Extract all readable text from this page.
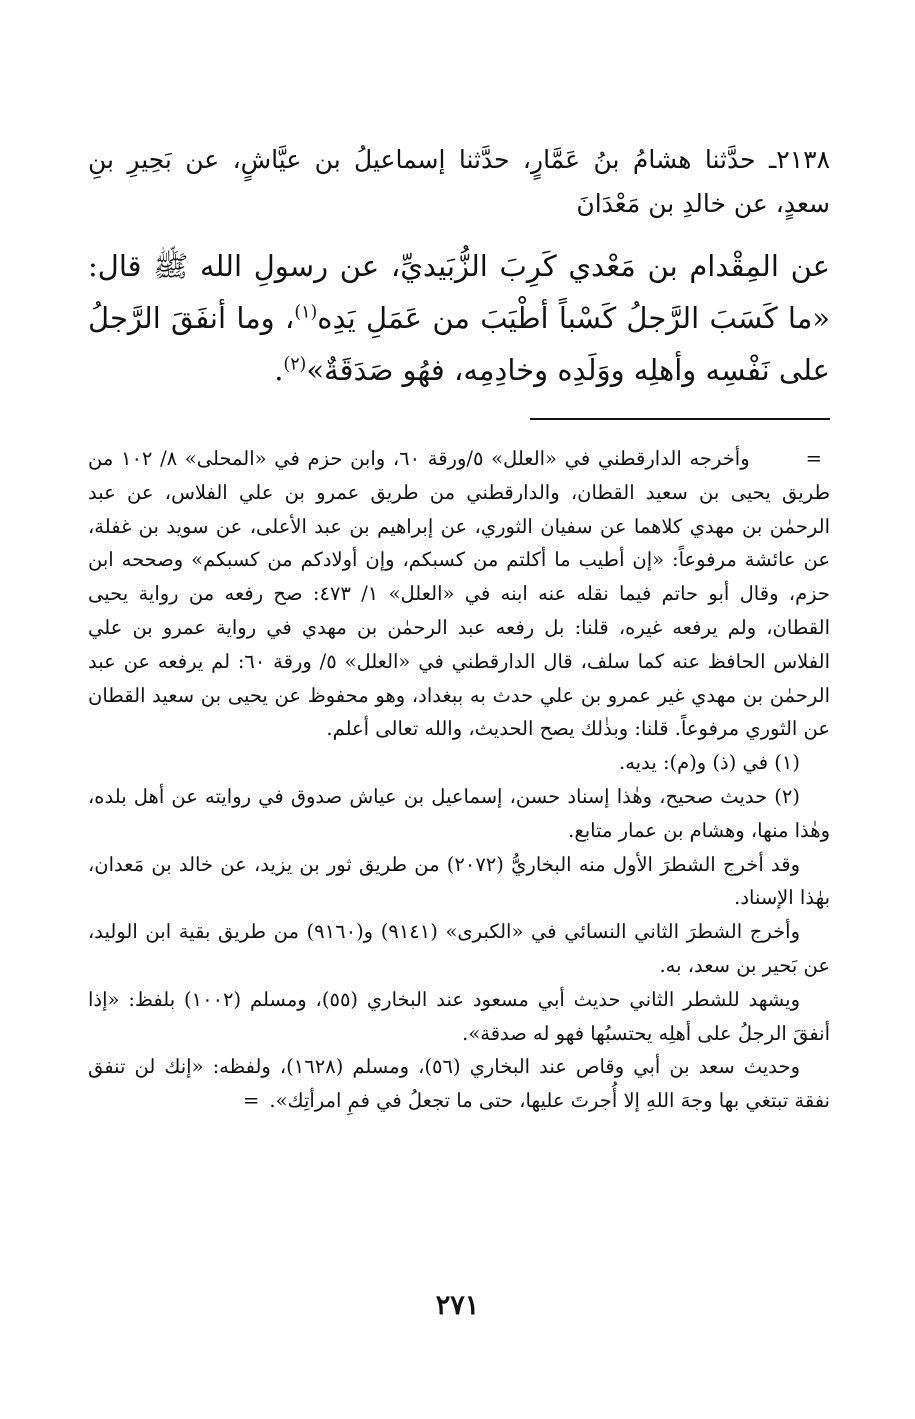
٢١٣٨ـ حدَّثنا هشامُ بنُ عَمَّارٍ، حدَّثنا إسماعيلُ بن عيَّاشٍ، عن بَحِيرِ بنِ سعدٍ، عن خالدِ بن مَعْدَانَ

عن المِقْدام بن مَعْدي كَرِبَ الزُّبَيديِّ، عن رسولِ الله ﷺ قال: «ما كَسَبَ الرَّجلُ كَسْباً أطْيَبَ من عَمَلِ يَدِه$^{(١)}$، وما أنفَقَ الرَّجلُ على نَفْسِه وأهلِه ووَلَدِه وخادِمِه، فهُو صَدَقَةٌ»$^{(٢)}$.

=
وأخرجه الدارقطني في «العلل» ٥/ورقة ٦٠، وابن حزم في «المحلى» ٨/ ١٠٢ من طريق يحيى بن سعيد القطان، والدارقطني من طريق عمرو بن علي الفلاس، عن عبد الرحمٰن بن مهدي كلاهما عن سفيان الثوري، عن إبراهيم بن عبد الأعلى، عن سويد بن غفلة، عن عائشة مرفوعاً: «إن أطيب ما أكلتم من كسبكم، وإن أولادكم من كسبكم» وصححه ابن حزم، وقال أبو حاتم فيما نقله عنه ابنه في «العلل» ١/ ٤٧٣: صح رفعه من رواية يحيى القطان، ولم يرفعه غيره، قلنا: بل رفعه عبد الرحمٰن بن مهدي في رواية عمرو بن علي الفلاس الحافظ عنه كما سلف، قال الدارقطني في «العلل» ٥/ ورقة ٦٠: لم يرفعه عن عبد الرحمٰن بن مهدي غير عمرو بن علي حدث به ببغداد، وهو محفوظ عن يحيى بن سعيد القطان عن الثوري مرفوعاً. قلنا: وبذٰلك يصح الحديث، والله تعالى أعلم.

(١) في (ذ) و(م): يديه.

(٢) حديث صحيح، وهٰذا إسناد حسن، إسماعيل بن عياش صدوق في روايته عن أهل بلده، وهٰذا منها، وهشام بن عمار متابع.

وقد أخرج الشطرَ الأول منه البخاريُّ (٢٠٧٢) من طريق ثور بن يزيد، عن خالد بن مَعدان، بهٰذا الإسناد.

وأخرج الشطرَ الثاني النسائي في «الكبرى» (٩١٤١) و(٩١٦٠) من طريق بقية ابن الوليد، عن بَحير بن سعد، به.

ويشهد للشطر الثاني حديث أبي مسعود عند البخاري (٥٥)، ومسلم (١٠٠٢) بلفظ: «إذا أنفقَ الرجلُ على أهلِه يحتسبُها فهو له صدقة».

وحديث سعد بن أبي وقاص عند البخاري (٥٦)، ومسلم (١٦٢٨)، ولفظه: «إنك لن تنفق نفقة تبتغي بها وجهَ اللهِ إلا أُجرتَ عليها، حتى ما تجعلُ في فمِ امرأتِك».=

٢٧١
